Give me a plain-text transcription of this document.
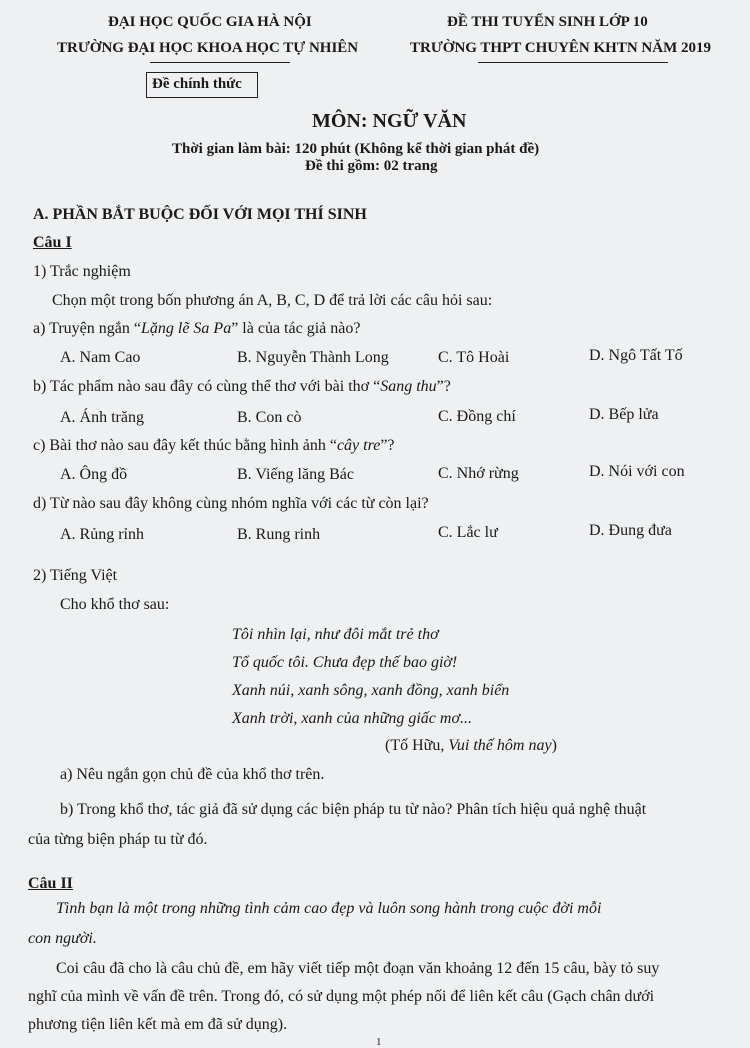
ĐẠI HỌC QUỐC GIA HÀ NỘI
TRƯỜNG ĐẠI HỌC KHOA HỌC TỰ NHIÊN
ĐỀ THI TUYỂN SINH LỚP 10
TRƯỜNG THPT CHUYÊN KHTN NĂM 2019
Đề chính thức
MÔN: NGỮ VĂN
Thời gian làm bài: 120 phút (Không kể thời gian phát đề)
Đề thi gồm: 02 trang
A. PHẦN BẮT BUỘC ĐỐI VỚI MỌI THÍ SINH
Câu I
1) Trắc nghiệm
Chọn một trong bốn phương án A, B, C, D để trả lời các câu hỏi sau:
a) Truyện ngắn “Lặng lẽ Sa Pa” là của tác giả nào?
A. Nam Cao	B. Nguyễn Thành Long	C. Tô Hoài	D. Ngô Tất Tố
b) Tác phẩm nào sau đây có cùng thể thơ với bài thơ “Sang thu”?
A. Ánh trăng	B. Con cò	C. Đồng chí	D. Bếp lửa
c) Bài thơ nào sau đây kết thúc bằng hình ảnh “cây tre”?
A. Ông đồ	B. Viếng lăng Bác	C. Nhớ rừng	D. Nói với con
d) Từ nào sau đây không cùng nhóm nghĩa với các từ còn lại?
A. Rủng rỉnh	B. Rung rinh	C. Lắc lư	D. Đung đưa
2) Tiếng Việt
Cho khổ thơ sau:
Tôi nhìn lại, như đôi mắt trẻ thơ
Tổ quốc tôi. Chưa đẹp thế bao giờ!
Xanh núi, xanh sông, xanh đồng, xanh biển
Xanh trời, xanh của những giấc mơ...
(Tố Hữu, Vui thế hôm nay)
a) Nêu ngắn gọn chủ đề của khổ thơ trên.
b) Trong khổ thơ, tác giả đã sử dụng các biện pháp tu từ nào? Phân tích hiệu quả nghệ thuật
của từng biện pháp tu từ đó.
Câu II
Tình bạn là một trong những tình cảm cao đẹp và luôn song hành trong cuộc đời mỗi
con người.
Coi câu đã cho là câu chủ đề, em hãy viết tiếp một đoạn văn khoảng 12 đến 15 câu, bày tỏ suy
nghĩ của mình về vấn đề trên. Trong đó, có sử dụng một phép nối để liên kết câu (Gạch chân dưới
phương tiện liên kết mà em đã sử dụng).
1
